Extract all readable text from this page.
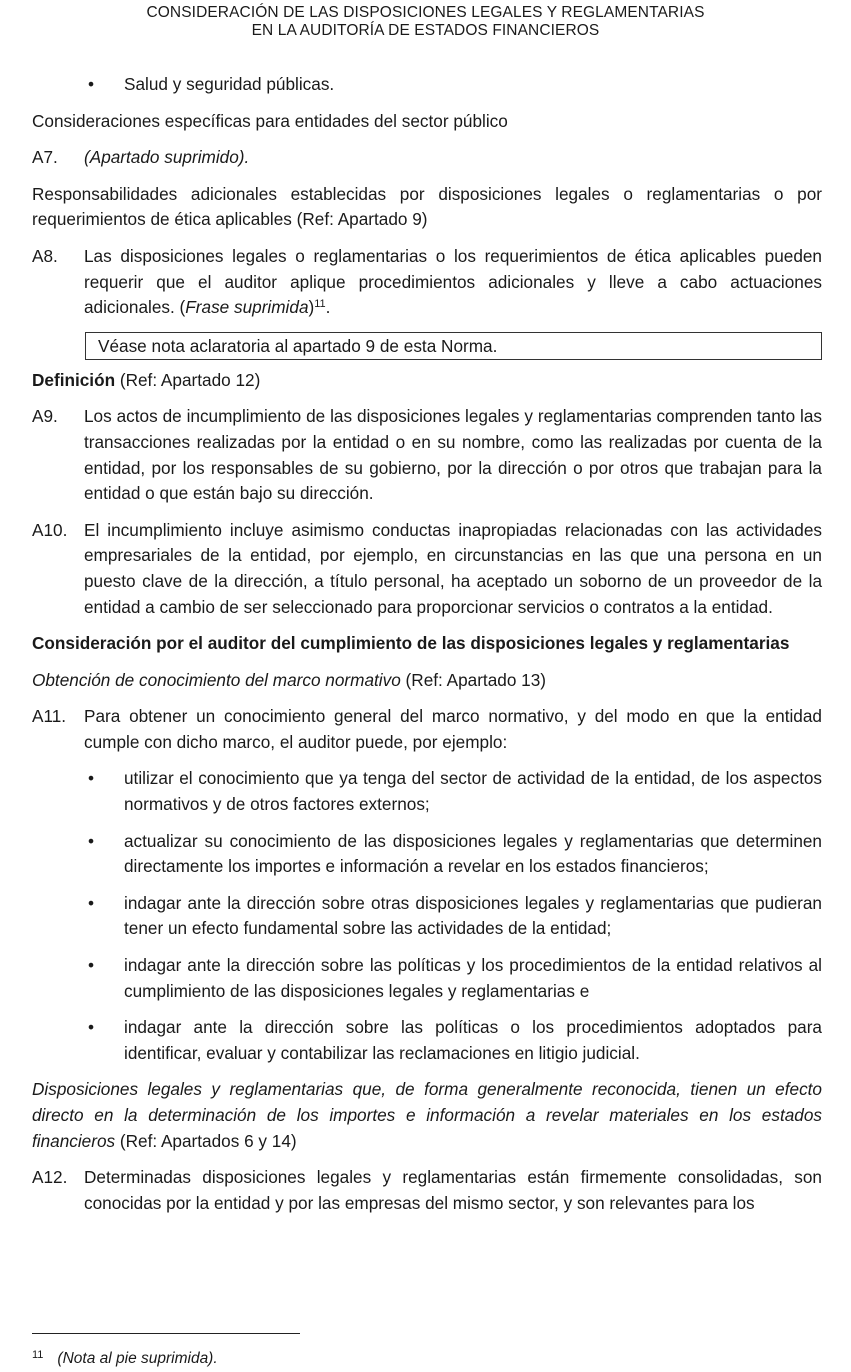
CONSIDERACIÓN DE LAS DISPOSICIONES LEGALES Y REGLAMENTARIAS
EN LA AUDITORÍA DE ESTADOS FINANCIEROS
•	Salud y seguridad públicas.

Consideraciones específicas para entidades del sector público

A7.	(Apartado suprimido).

Responsabilidades adicionales establecidas por disposiciones legales o reglamentarias o por requerimientos de ética aplicables (Ref: Apartado 9)

A8.	Las disposiciones legales o reglamentarias o los requerimientos de ética aplicables pueden requerir que el auditor aplique procedimientos adicionales y lleve a cabo actuaciones adicionales. (Frase suprimida)$^{11}$.
Véase nota aclaratoria al apartado 9 de esta Norma.

Definición (Ref: Apartado 12)

A9.	Los actos de incumplimiento de las disposiciones legales y reglamentarias comprenden tanto las transacciones realizadas por la entidad o en su nombre, como las realizadas por cuenta de la entidad, por los responsables de su gobierno, por la dirección o por otros que trabajan para la entidad o que están bajo su dirección.
A10. El incumplimiento incluye asimismo conductas inapropiadas relacionadas con las actividades empresariales de la entidad, por ejemplo, en circunstancias en las que una persona en un puesto clave de la dirección, a título personal, ha aceptado un soborno de un proveedor de la entidad a cambio de ser seleccionado para proporcionar servicios o contratos a la entidad.

Consideración por el auditor del cumplimiento de las disposiciones legales y reglamentarias

Obtención de conocimiento del marco normativo (Ref: Apartado 13)

A11.	Para obtener un conocimiento general del marco normativo, y del modo en que la entidad cumple con dicho marco, el auditor puede, por ejemplo:
•	utilizar el conocimiento que ya tenga del sector de actividad de la entidad, de los aspectos normativos y de otros factores externos;
•	actualizar su conocimiento de las disposiciones legales y reglamentarias que determinen directamente los importes e información a revelar en los estados financieros;
•	indagar ante la dirección sobre otras disposiciones legales y reglamentarias que pudieran tener un efecto fundamental sobre las actividades de la entidad;
•	indagar ante la dirección sobre las políticas y los procedimientos de la entidad relativos al cumplimiento de las disposiciones legales y reglamentarias e
•	indagar ante la dirección sobre las políticas o los procedimientos adoptados para identificar, evaluar y contabilizar las reclamaciones en litigio judicial.

Disposiciones legales y reglamentarias que, de forma generalmente reconocida, tienen un efecto directo en la determinación de los importes e información a revelar materiales en los estados financieros (Ref: Apartados 6 y 14)

A12. Determinadas disposiciones legales y reglamentarias están firmemente consolidadas, son conocidas por la entidad y por las empresas del mismo sector, y son relevantes para los
$^{11}$ (Nota al pie suprimida).
